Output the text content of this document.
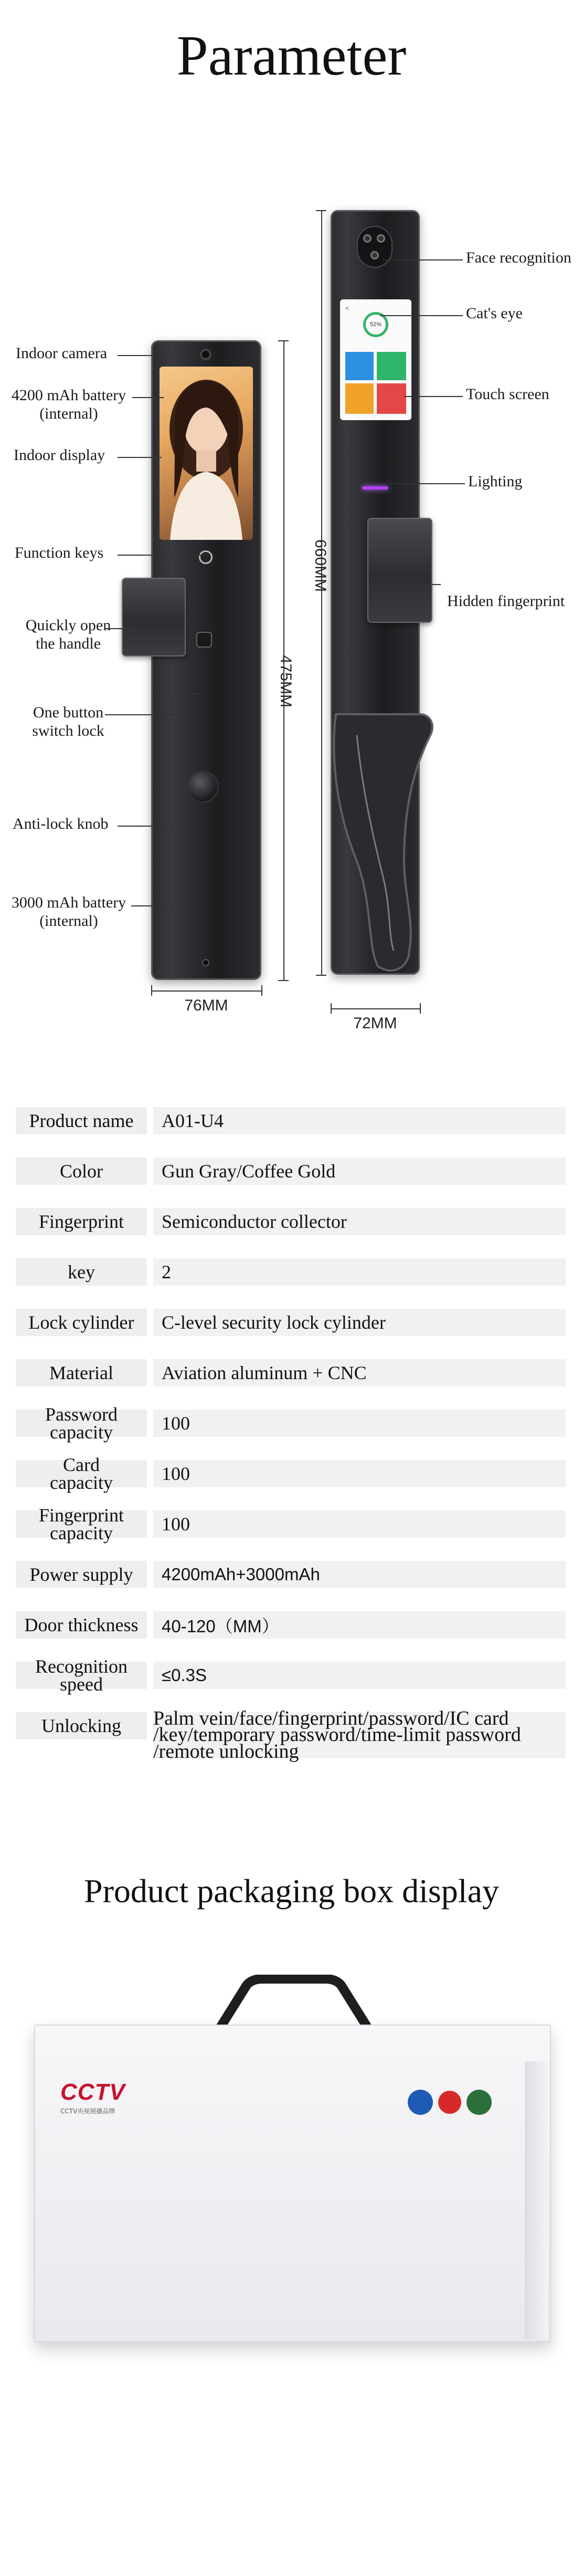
Parameter
<
52%
Indoor camera
4200 mAh battery
(internal)
Indoor display
Function keys
Quickly open
the handle
One button
switch lock
Anti-lock knob
3000 mAh battery
(internal)
Face recognition
Cat's eye
Touch screen
Lighting
Hidden fingerprint
475MM
660MM
76MM
72MM
Product name	A01-U4
Color	Gun Gray/Coffee Gold
Fingerprint	Semiconductor collector
key	2
Lock cylinder	C-level security lock cylinder
Material	Aviation aluminum + CNC
Password
capacity	100
Card
capacity	100
Fingerprint
capacity	100
Power supply	4200mAh+3000mAh
Door thickness	40-120（MM）
Recognition
speed	≤0.3S
Unlocking	Palm vein/face/fingerprint/password/IC card
/key/temporary password/time-limit password
/remote unlocking
Product packaging box display
CCTV
CCTV央视展播品牌
